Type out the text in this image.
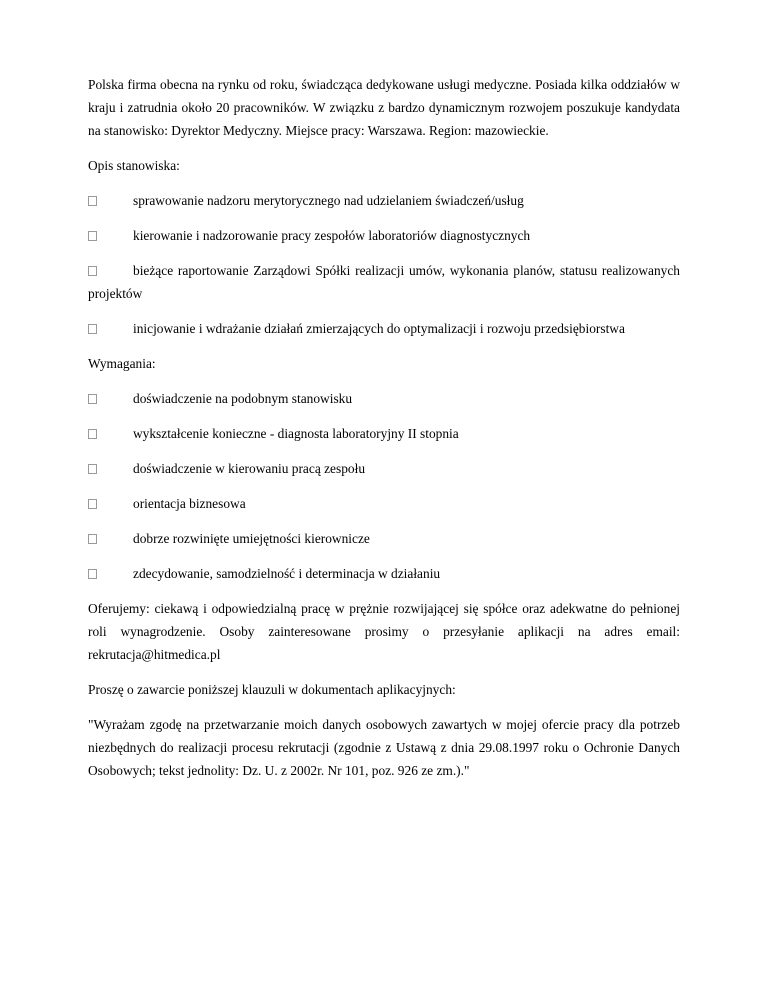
Polska firma obecna na rynku od roku, świadcząca dedykowane usługi medyczne. Posiada kilka oddziałów w kraju i zatrudnia około 20 pracowników. W związku z bardzo dynamicznym rozwojem poszukuje kandydata na stanowisko: Dyrektor Medyczny. Miejsce pracy: Warszawa. Region: mazowieckie.

Opis stanowiska:

sprawowanie nadzoru merytorycznego nad udzielaniem świadczeń/usług

kierowanie i nadzorowanie pracy zespołów laboratoriów diagnostycznych

bieżące raportowanie Zarządowi Spółki realizacji umów, wykonania planów, statusu realizowanych projektów

inicjowanie i wdrażanie działań zmierzających do optymalizacji i rozwoju przedsiębiorstwa

Wymagania:

doświadczenie na podobnym stanowisku

wykształcenie konieczne - diagnosta laboratoryjny II stopnia

doświadczenie w kierowaniu pracą zespołu

orientacja biznesowa

dobrze rozwinięte umiejętności kierownicze

zdecydowanie, samodzielność i determinacja w działaniu

Oferujemy: ciekawą i odpowiedzialną pracę w prężnie rozwijającej się spółce oraz adekwatne do pełnionej roli wynagrodzenie. Osoby zainteresowane prosimy o przesyłanie aplikacji na adres email: rekrutacja@hitmedica.pl

Proszę o zawarcie poniższej klauzuli w dokumentach aplikacyjnych:

"Wyrażam zgodę na przetwarzanie moich danych osobowych zawartych w mojej ofercie pracy dla potrzeb niezbędnych do realizacji procesu rekrutacji (zgodnie z Ustawą z dnia 29.08.1997 roku o Ochronie Danych Osobowych; tekst jednolity: Dz. U. z 2002r. Nr 101, poz. 926 ze zm.)."
